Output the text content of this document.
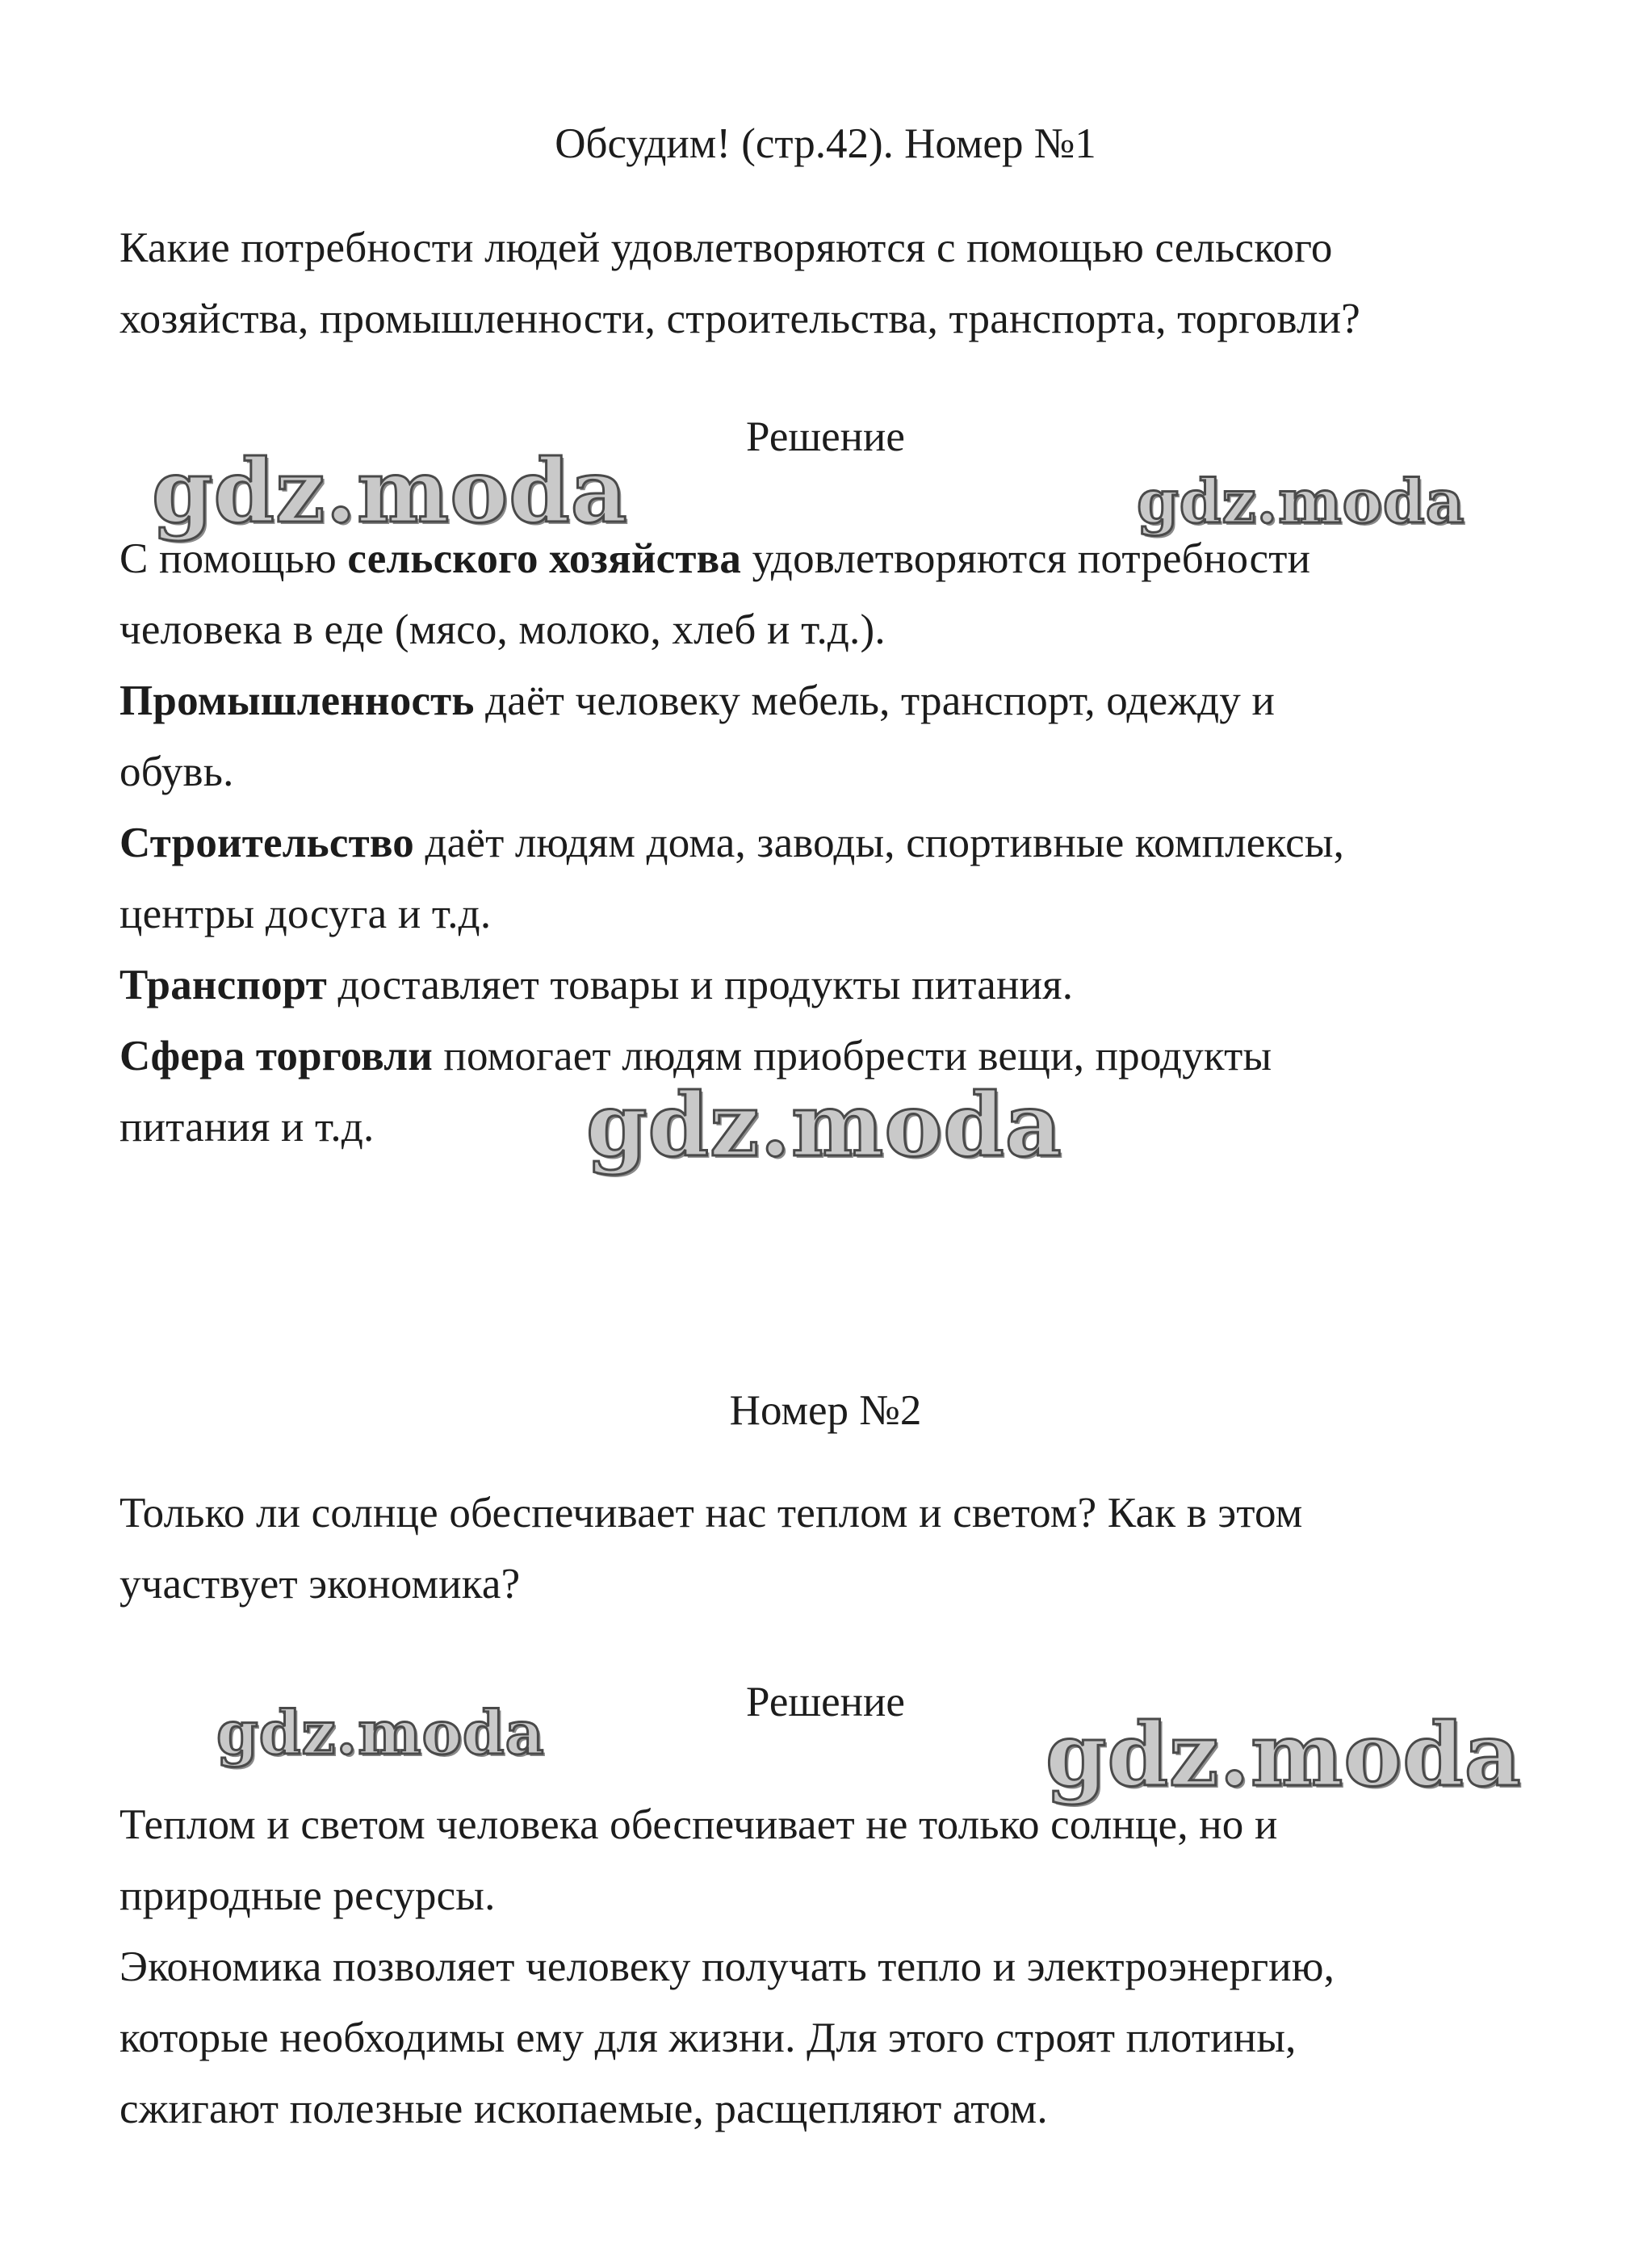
Обсудим! (стр.42). Номер №1
Какие потребности людей удовлетворяются с помощью сельского
хозяйства, промышленности, строительства, транспорта, торговли?
Решение
С помощью сельского хозяйства удовлетворяются потребности
человека в еде (мясо, молоко, хлеб и т.д.).
Промышленность даёт человеку мебель, транспорт, одежду и
обувь.
Строительство даёт людям дома, заводы, спортивные комплексы,
центры досуга и т.д.
Транспорт доставляет товары и продукты питания.
Сфера торговли помогает людям приобрести вещи, продукты
питания и т.д.
Номер №2
Только ли солнце обеспечивает нас теплом и светом? Как в этом
участвует экономика?
Решение
Теплом и светом человека обеспечивает не только солнце, но и
природные ресурсы.
Экономика позволяет человеку получать тепло и электроэнергию,
которые необходимы ему для жизни. Для этого строят плотины,
сжигают полезные ископаемые, расщепляют атом.
gdz.moda	gdz.moda
gdz.moda
gdz.moda	gdz.moda
